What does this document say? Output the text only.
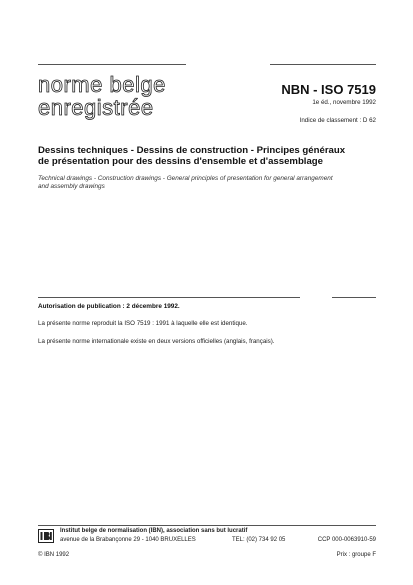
norme belge
enregistrée
NBN - ISO 7519
1e éd., novembre 1992
Indice de classement : D 62
Dessins techniques - Dessins de construction - Principes généraux
de présentation pour des dessins d'ensemble et d'assemblage
Technical drawings - Construction drawings - General principles of presentation for general arrangement
and assembly drawings
Autorisation de publication : 2 décembre 1992.
La présente norme reproduit la ISO 7519 : 1991 à laquelle elle est identique.
La présente norme internationale existe en deux versions officielles (anglais, français).
Institut belge de normalisation (IBN), association sans but lucratif
avenue de la Brabançonne 29 - 1040 BRUXELLES	TEL: (02) 734 92 05	CCP 000-0063910-59
© IBN 1992	Prix : groupe F
